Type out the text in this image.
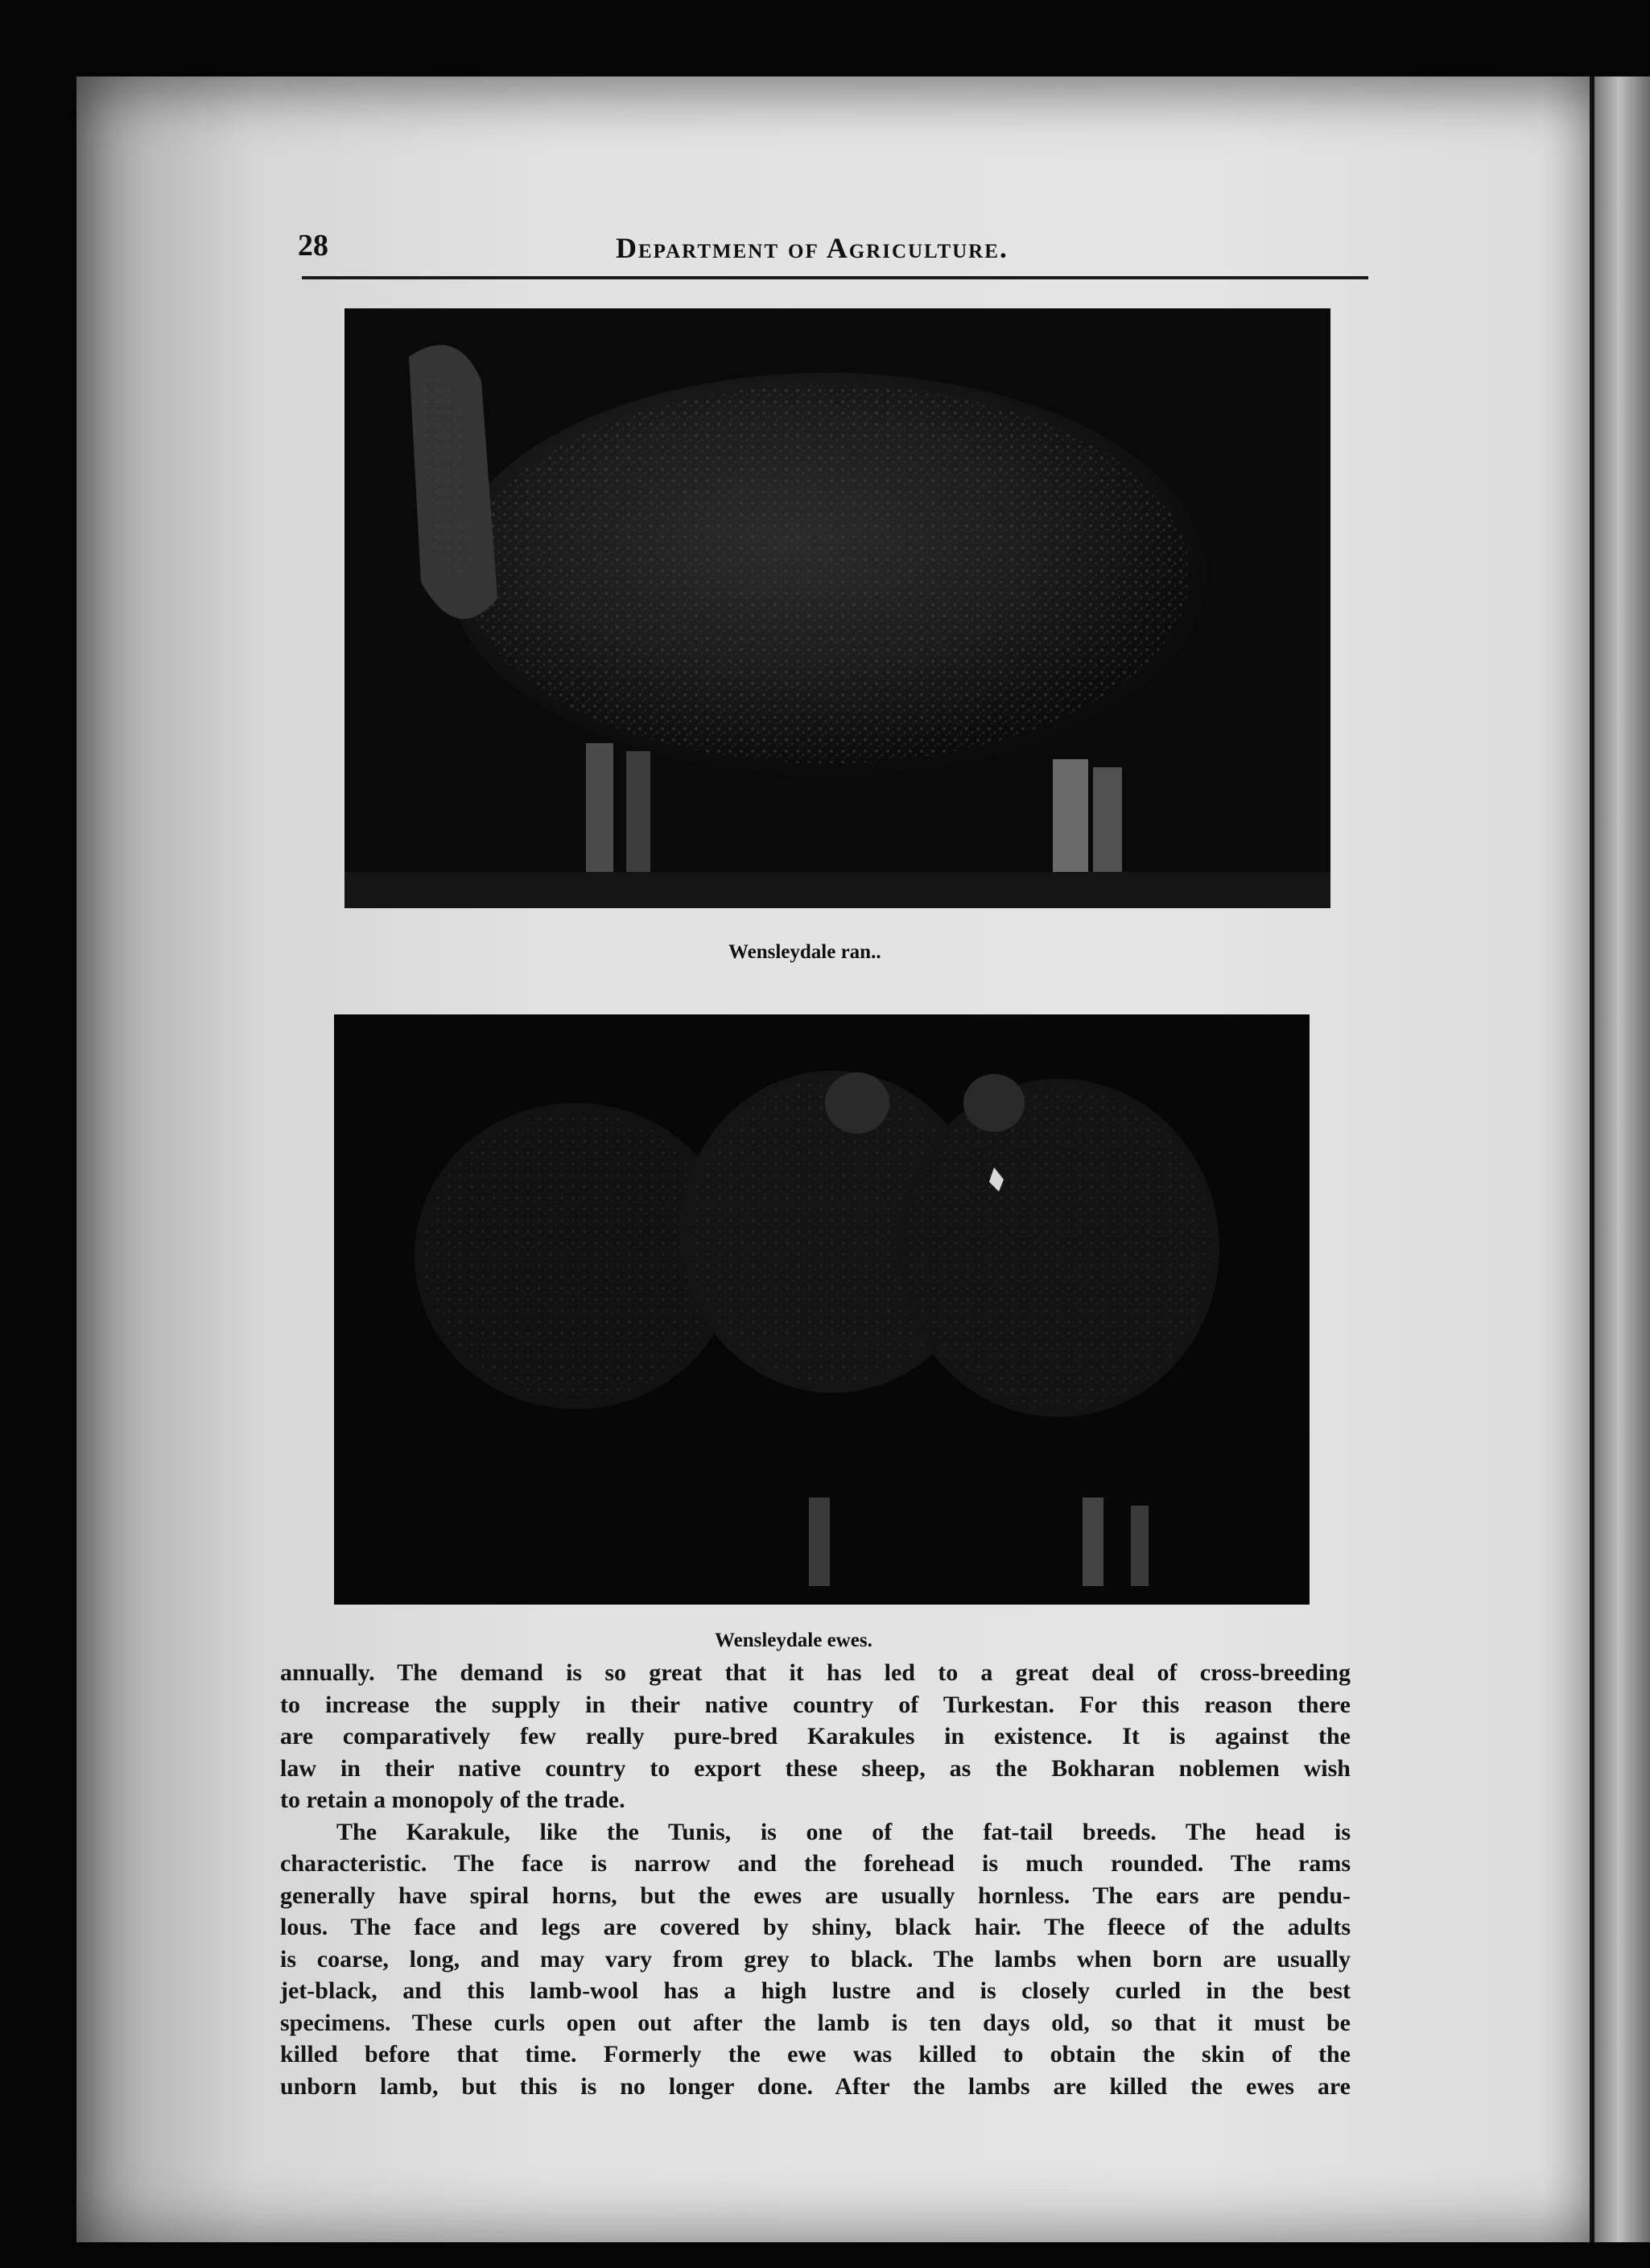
28	Department of Agriculture.
Wensleydale ran..
Wensleydale ewes.
annually. The demand is so great that it has led to a great deal of cross-breeding
to increase the supply in their native country of Turkestan. For this reason there
are comparatively few really pure-bred Karakules in existence. It is against the
law in their native country to export these sheep, as the Bokharan noblemen wish
to retain a monopoly of the trade.
The Karakule, like the Tunis, is one of the fat-tail breeds. The head is
characteristic. The face is narrow and the forehead is much rounded. The rams
generally have spiral horns, but the ewes are usually hornless. The ears are pendu-
lous. The face and legs are covered by shiny, black hair. The fleece of the adults
is coarse, long, and may vary from grey to black. The lambs when born are usually
jet-black, and this lamb-wool has a high lustre and is closely curled in the best
specimens. These curls open out after the lamb is ten days old, so that it must be
killed before that time. Formerly the ewe was killed to obtain the skin of the
unborn lamb, but this is no longer done. After the lambs are killed the ewes are
